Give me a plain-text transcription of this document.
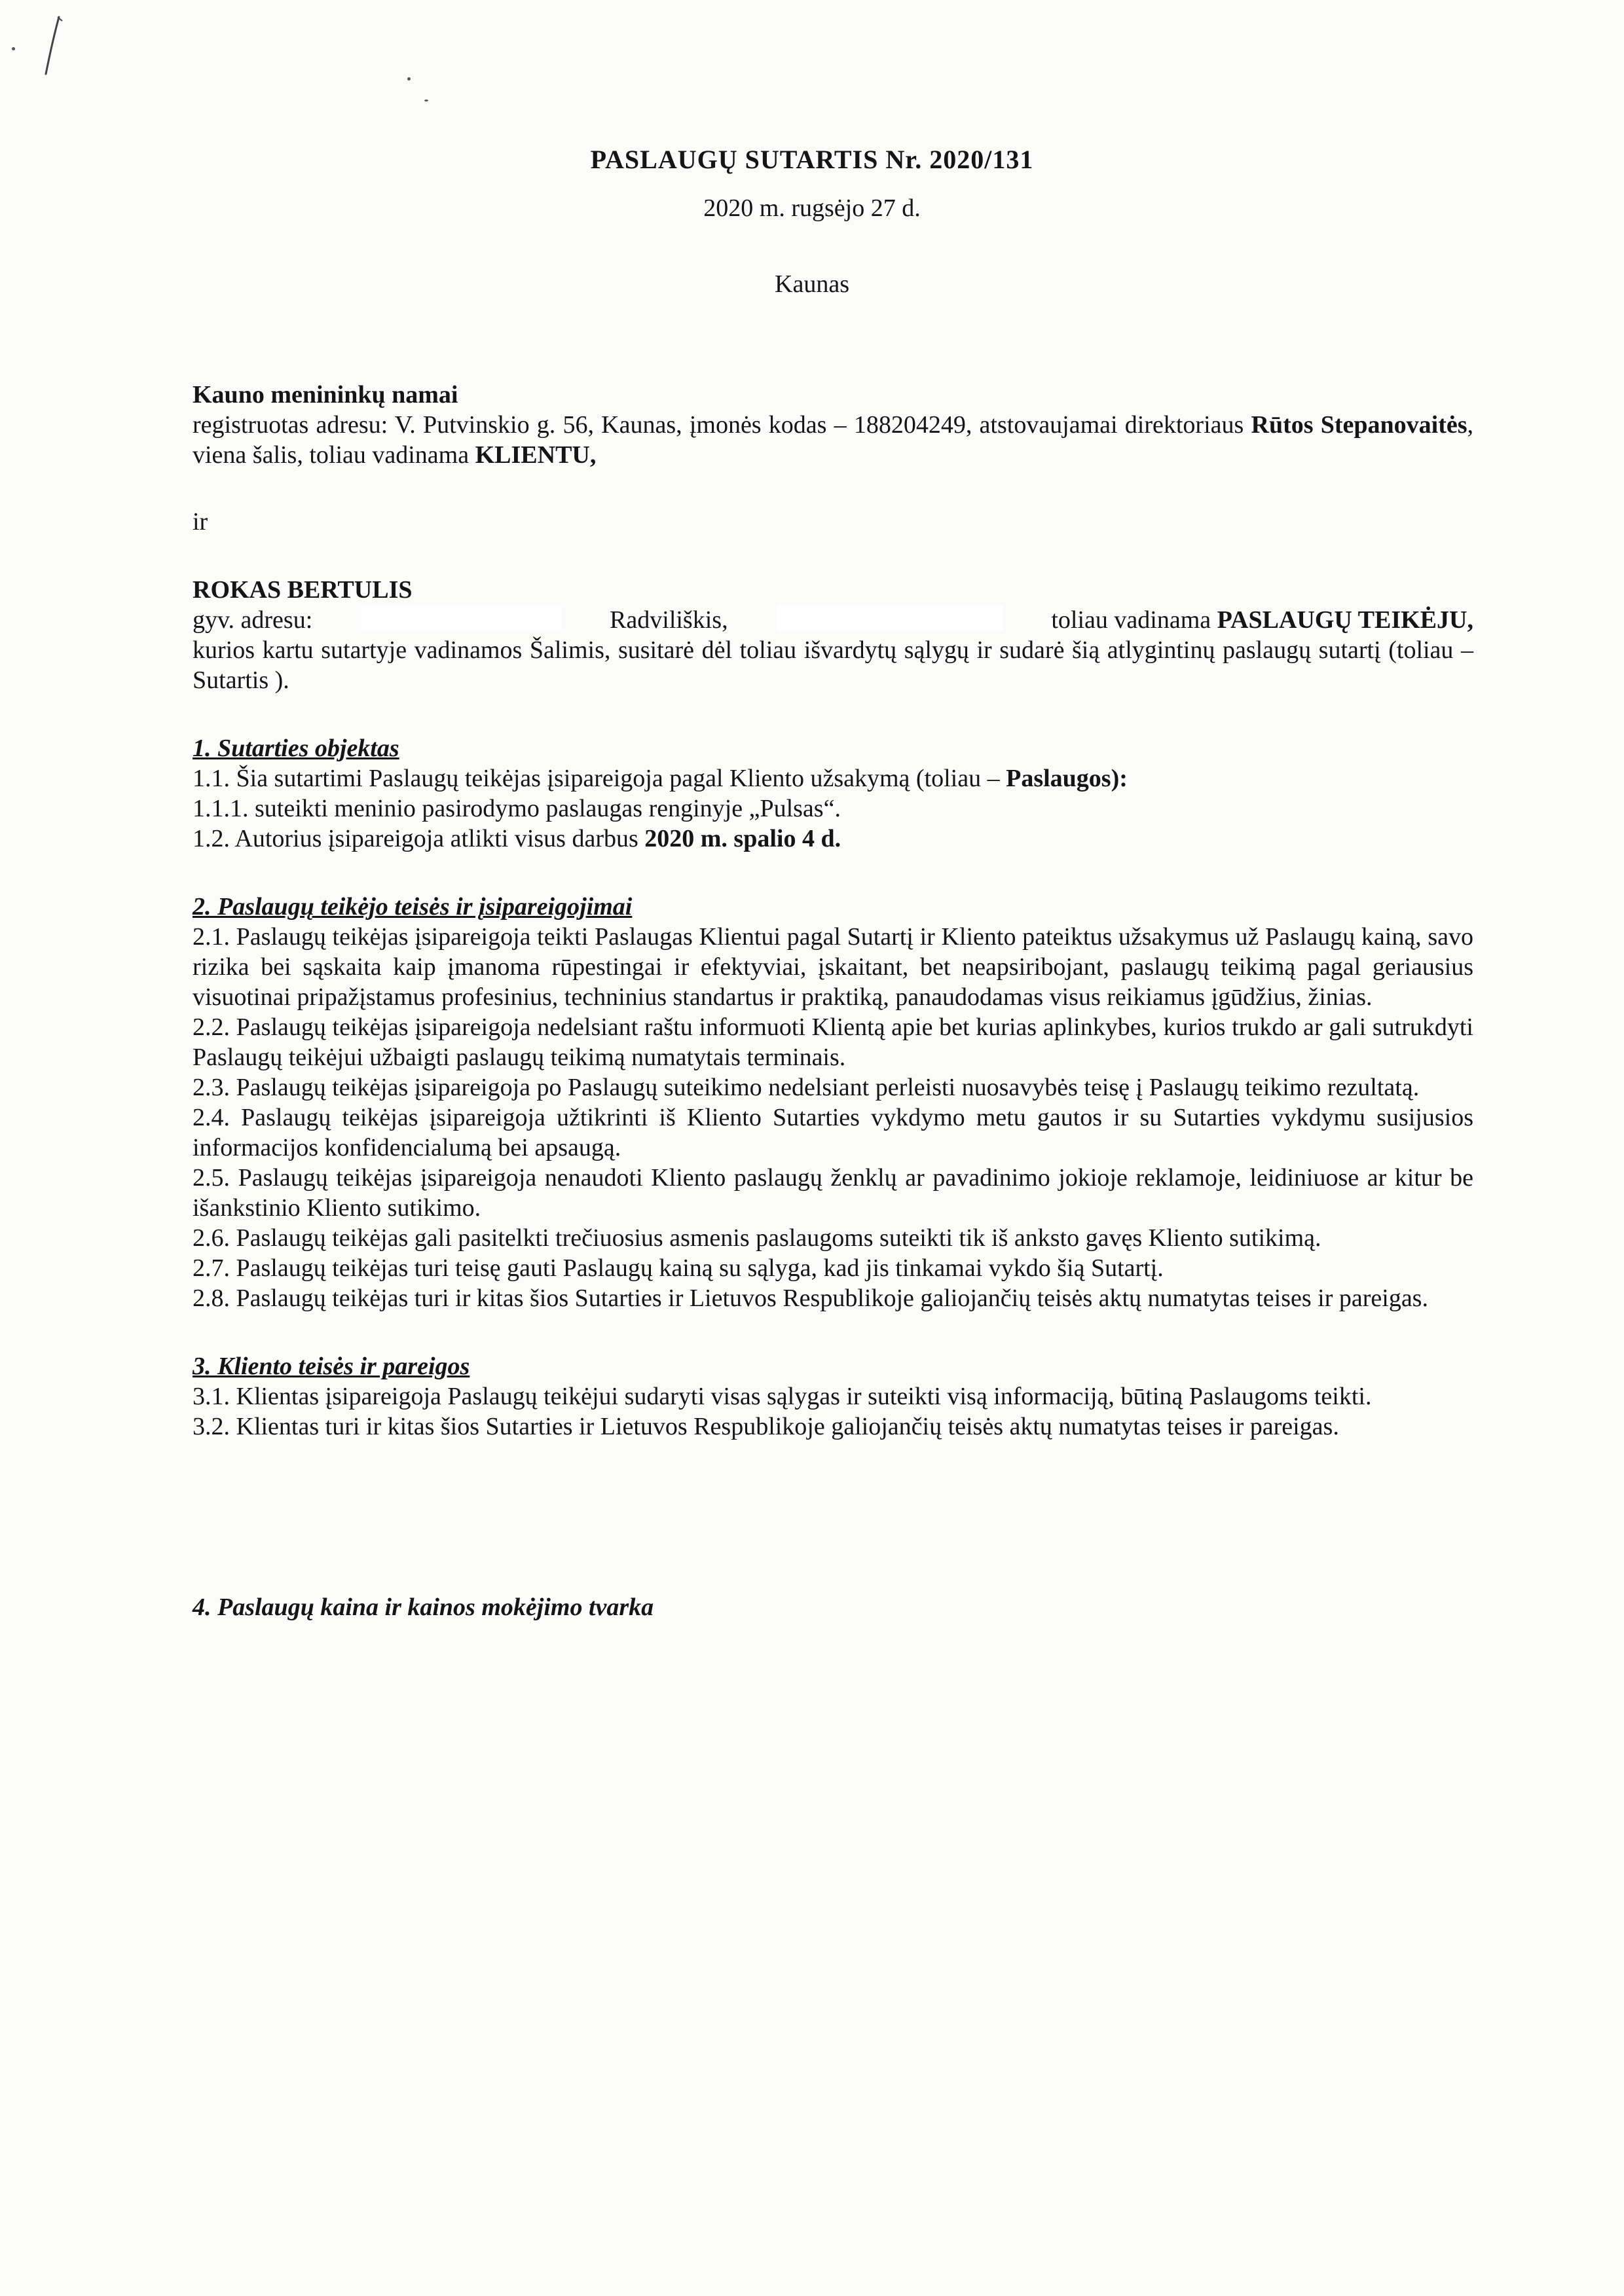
PASLAUGŲ SUTARTIS Nr. 2020/131
2020 m. rugsėjo 27 d.
Kaunas

Kauno menininkų namai

registruotas adresu: V. Putvinskio g. 56, Kaunas, įmonės kodas – 188204249, atstovaujamai direktoriaus Rūtos Stepanovaitės, viena šalis, toliau vadinama KLIENTU,

ir

ROKAS BERTULIS

gyv. adresu:	Radviliškis,	toliau vadinama PASLAUGŲ TEIKĖJU,

kurios kartu sutartyje vadinamos Šalimis, susitarė dėl toliau išvardytų sąlygų ir sudarė šią atlygintinų paslaugų sutartį (toliau – Sutartis ).

1. Sutarties objektas

1.1. Šia sutartimi Paslaugų teikėjas įsipareigoja pagal Kliento užsakymą (toliau – Paslaugos):

1.1.1. suteikti meninio pasirodymo paslaugas renginyje „Pulsas“.

1.2. Autorius įsipareigoja atlikti visus darbus 2020 m. spalio 4 d.

2. Paslaugų teikėjo teisės ir įsipareigojimai

2.1. Paslaugų teikėjas įsipareigoja teikti Paslaugas Klientui pagal Sutartį ir Kliento pateiktus užsakymus už Paslaugų kainą, savo rizika bei sąskaita kaip įmanoma rūpestingai ir efektyviai, įskaitant, bet neapsiribojant, paslaugų teikimą pagal geriausius visuotinai pripažįstamus profesinius, techninius standartus ir praktiką, panaudodamas visus reikiamus įgūdžius, žinias.

2.2. Paslaugų teikėjas įsipareigoja nedelsiant raštu informuoti Klientą apie bet kurias aplinkybes, kurios trukdo ar gali sutrukdyti Paslaugų teikėjui užbaigti paslaugų teikimą numatytais terminais.

2.3. Paslaugų teikėjas įsipareigoja po Paslaugų suteikimo nedelsiant perleisti nuosavybės teisę į Paslaugų teikimo rezultatą.

2.4. Paslaugų teikėjas įsipareigoja užtikrinti iš Kliento Sutarties vykdymo metu gautos ir su Sutarties vykdymu susijusios informacijos konfidencialumą bei apsaugą.

2.5. Paslaugų teikėjas įsipareigoja nenaudoti Kliento paslaugų ženklų ar pavadinimo jokioje reklamoje, leidiniuose ar kitur be išankstinio Kliento sutikimo.

2.6. Paslaugų teikėjas gali pasitelkti trečiuosius asmenis paslaugoms suteikti tik iš anksto gavęs Kliento sutikimą.

2.7. Paslaugų teikėjas turi teisę gauti Paslaugų kainą su sąlyga, kad jis tinkamai vykdo šią Sutartį.

2.8. Paslaugų teikėjas turi ir kitas šios Sutarties ir Lietuvos Respublikoje galiojančių teisės aktų numatytas teises ir pareigas.

3. Kliento teisės ir pareigos

3.1. Klientas įsipareigoja Paslaugų teikėjui sudaryti visas sąlygas ir suteikti visą informaciją, būtiną Paslaugoms teikti.

3.2. Klientas turi ir kitas šios Sutarties ir Lietuvos Respublikoje galiojančių teisės aktų numatytas teises ir pareigas.

4. Paslaugų kaina ir kainos mokėjimo tvarka
